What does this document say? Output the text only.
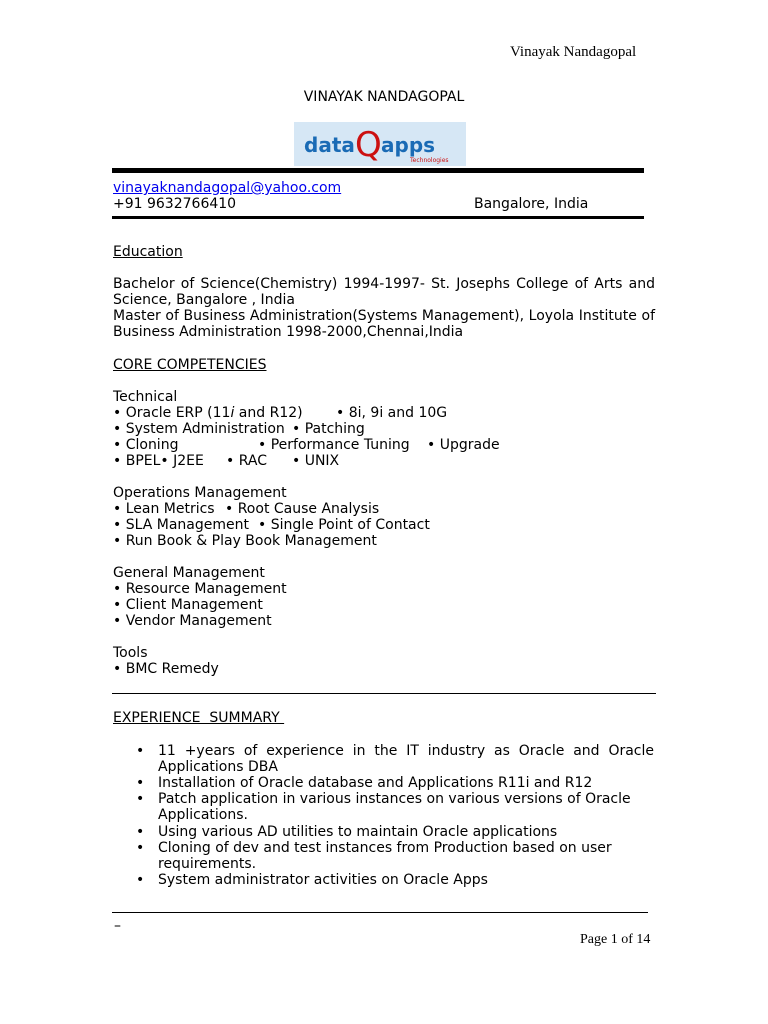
Vinayak Nandagopal
VINAYAK NANDAGOPAL
data Q apps
Technologies
vinayaknandagopal@yahoo.com
+91 9632766410	Bangalore, India
Education
Bachelor of Science(Chemistry) 1994-1997- St. Josephs College of Arts and Science, Bangalore , India
Master of Business Administration(Systems Management), Loyola Institute of Business Administration 1998-2000,Chennai,India
CORE COMPETENCIES
Technical
• Oracle ERP (11i and R12) • 8i, 9i and 10G
• System Administration • Patching
• Cloning	• Performance Tuning • Upgrade
• BPEL• J2EE • RAC • UNIX
Operations Management
• Lean Metrics • Root Cause Analysis
• SLA Management • Single Point of Contact
• Run Book & Play Book Management
General Management
• Resource Management
• Client Management
• Vendor Management
Tools
• BMC Remedy
EXPERIENCE  SUMMARY
• 11 +years of experience in the IT industry as Oracle and Oracle Applications DBA
• Installation of Oracle database and Applications R11i and R12
• Patch application in various instances on various versions of Oracle Applications.
• Using various AD utilities to maintain Oracle applications
• Cloning of dev and test instances from Production based on user requirements.
• System administrator activities on Oracle Apps
–
Page 1 of 14
